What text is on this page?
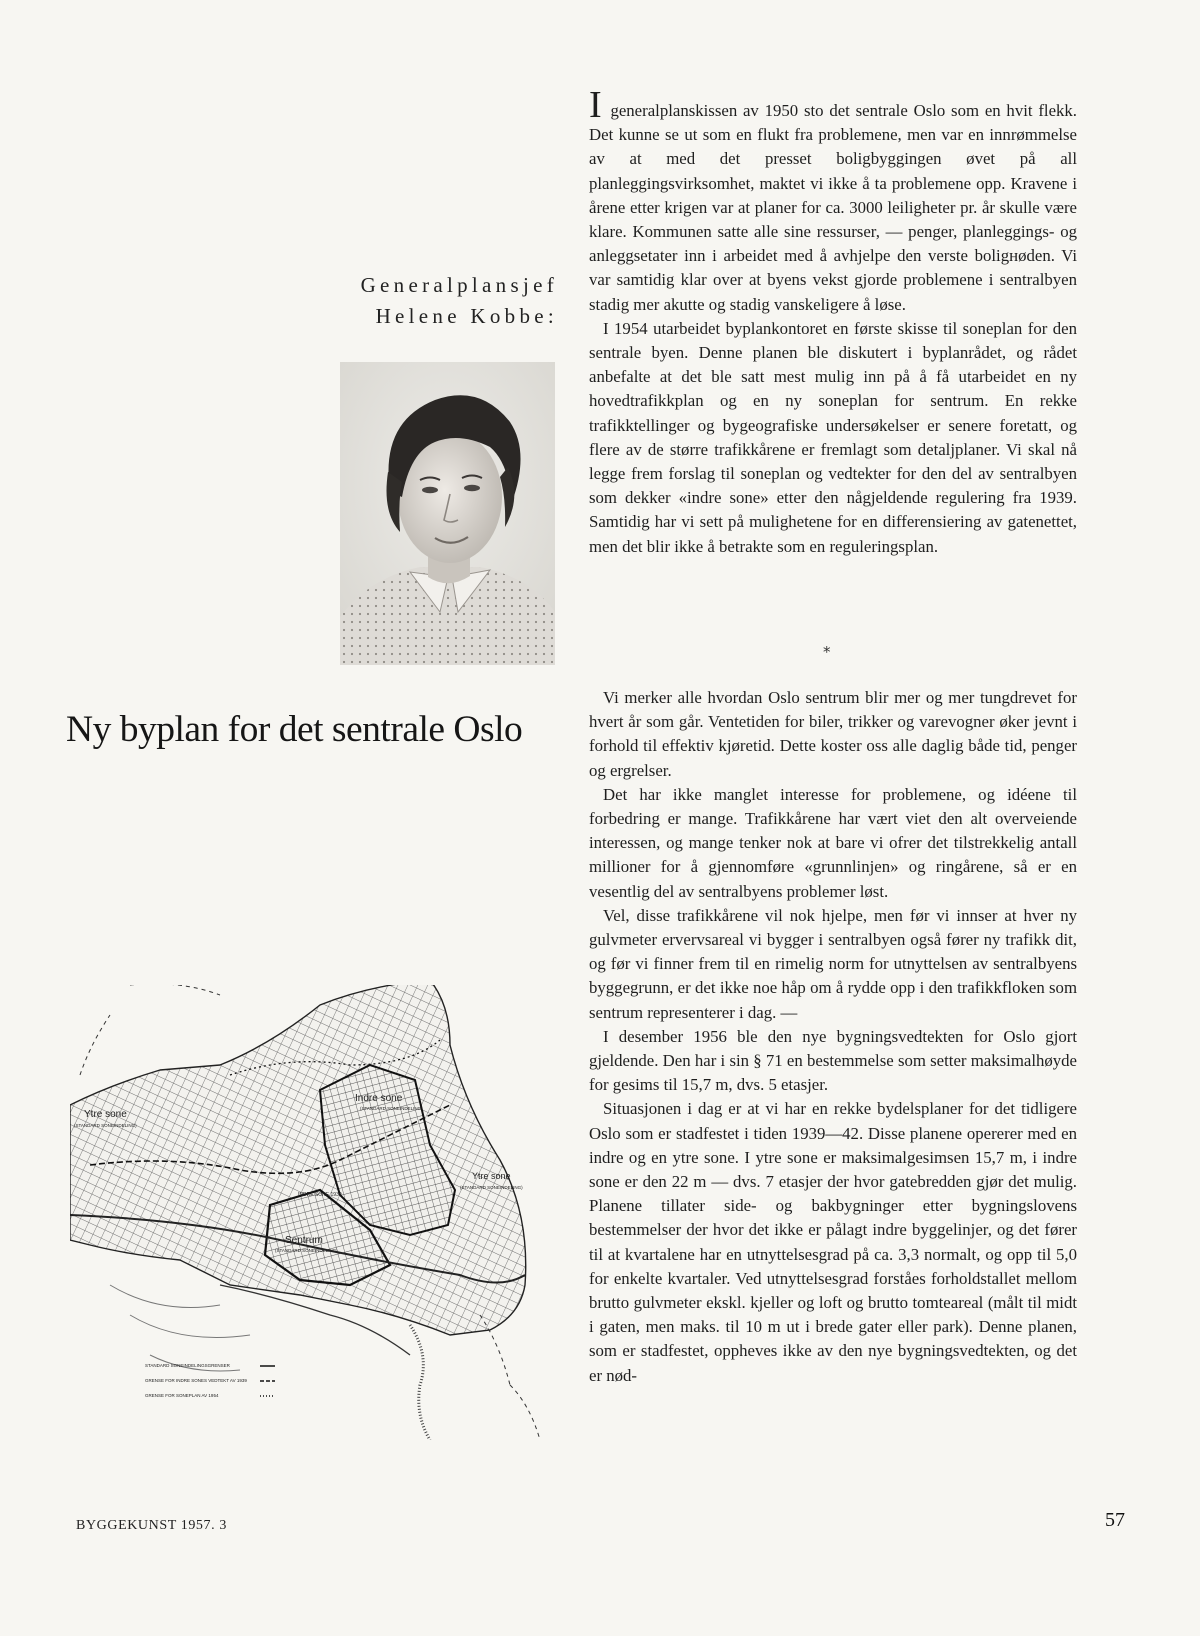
Generalplansjef
Helene Kobbe:
Ny byplan for det sentrale Oslo

I generalplanskissen av 1950 sto det sentrale Oslo som en hvit flekk. Det kunne se ut som en flukt fra problemene, men var en innrømmelse av at med det presset boligbyggingen øvet på all planleggingsvirksomhet, maktet vi ikke å ta problemene opp. Kravene i årene etter krigen var at planer for ca. 3000 leiligheter pr. år skulle være klare. Kommunen satte alle sine ressurser, — penger, planleggings- og anleggsetater inn i arbeidet med å avhjelpe den verste boligнøden. Vi var samtidig klar over at byens vekst gjorde problemene i sentralbyen stadig mer akutte og stadig vanskeligere å løse.

I 1954 utarbeidet byplankontoret en første skisse til soneplan for den sentrale byen. Denne planen ble diskutert i byplanrådet, og rådet anbefalte at det ble satt mest mulig inn på å få utarbeidet en ny hovedtrafikkplan og en ny soneplan for sentrum. En rekke trafikktellinger og bygeografiske undersøkelser er senere foretatt, og flere av de større trafikkårene er fremlagt som detaljplaner. Vi skal nå legge frem forslag til soneplan og vedtekter for den del av sentralbyen som dekker «indre sone» etter den någjeldende regulering fra 1939. Samtidig har vi sett på mulighetene for en differensiering av gatenettet, men det blir ikke å betrakte som en reguleringsplan.

*

Vi merker alle hvordan Oslo sentrum blir mer og mer tungdrevet for hvert år som går. Ventetiden for biler, trikker og varevogner øker jevnt i forhold til effektiv kjøretid. Dette koster oss alle daglig både tid, penger og ergrelser.

Det har ikke manglet interesse for problemene, og idéene til forbedring er mange. Trafikkårene har vært viet den alt overveiende interessen, og mange tenker nok at bare vi ofrer det tilstrekkelig antall millioner for å gjennomføre «grunnlinjen» og ringårene, så er en vesentlig del av sentralbyens problemer løst.

Vel, disse trafikkårene vil nok hjelpe, men før vi innser at hver ny gulvmeter ervervsareal vi bygger i sentralbyen også fører ny trafikk dit, og før vi finner frem til en rimelig norm for utnyttelsen av sentralbyens byggegrunn, er det ikke noe håp om å rydde opp i den trafikkfloken som sentrum representerer i dag. —

I desember 1956 ble den nye bygningsvedtekten for Oslo gjort gjeldende. Den har i sin § 71 en bestemmelse som setter maksimalhøyde for gesims til 15,7 m, dvs. 5 etasjer.

Situasjonen i dag er at vi har en rekke bydelsplaner for det tidligere Oslo som er stadfestet i tiden 1939—42. Disse planene opererer med en indre og en ytre sone. I ytre sone er maksimalgesimsen 15,7 m, i indre sone er den 22 m — dvs. 7 etasjer der hvor gatebredden gjør det mulig. Planene tillater side- og bakbygninger etter bygningslovens bestemmelser der hvor det ikke er pålagt indre byggelinjer, og det fører til at kvartalene har en utnyttelsesgrad på ca. 3,3 normalt, og opp til 5,0 for enkelte kvartaler. Ved utnyttelsesgrad forståes forholdstallet mellom brutto gulvmeter ekskl. kjeller og loft og brutto tomteareal (målt til midt i gaten, men maks. til 10 m ut i brede gater eller park). Denne planen, som er stadfestet, oppheves ikke av den nye bygningsvedtekten, og det er nød-

Ytre sone
(STANDARD SONEINDELING)
Indre sone
(STANDARD SONEINDELING)
Ytre sone
(STANDARD SONEINDELING)
INDRE SONE 1939
Sentrum
(STANDARD SONEINDELING)
STANDARD SONEINDELINGSGRENSER
GRENSE FOR INDRE SONES VEDTEKT AV 1939
GRENSE FOR SONEPLAN AV 1954
BYGGEKUNST 1957. 3	57
